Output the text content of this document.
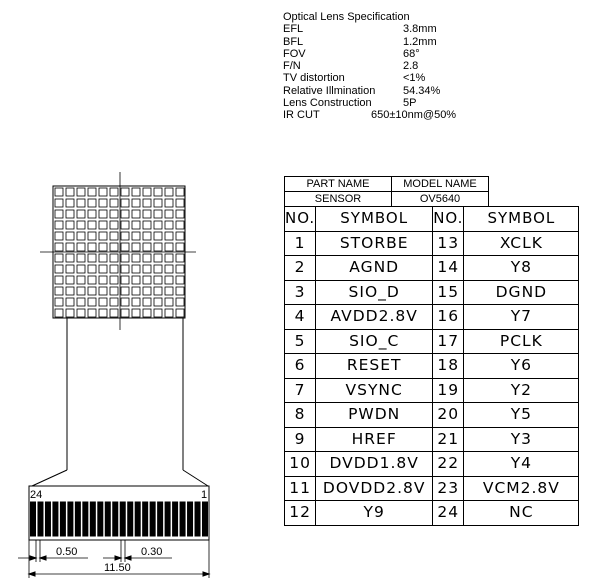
Optical Lens Specification
EFL	3.8mm
BFL	1.2mm
FOV	68°
F/N	2.8
TV distortion	<1%
Relative Illmination	54.34%
Lens Construction	5P
IR CUT	650±10nm@50%
24	1
0.50	0.30
11.50
PART NAME	MODEL NAME
SENSOR	OV5640
NO.	SYMBOL	NO.	SYMBOL
1	STORBE	13	XCLK
2	AGND	14	Y8
3	SIO_D	15	DGND
4	AVDD2.8V	16	Y7
5	SIO_C	17	PCLK
6	RESET	18	Y6
7	VSYNC	19	Y2
8	PWDN	20	Y5
9	HREF	21	Y3
10	DVDD1.8V	22	Y4
11	DOVDD2.8V	23	VCM2.8V
12	Y9	24	NC
